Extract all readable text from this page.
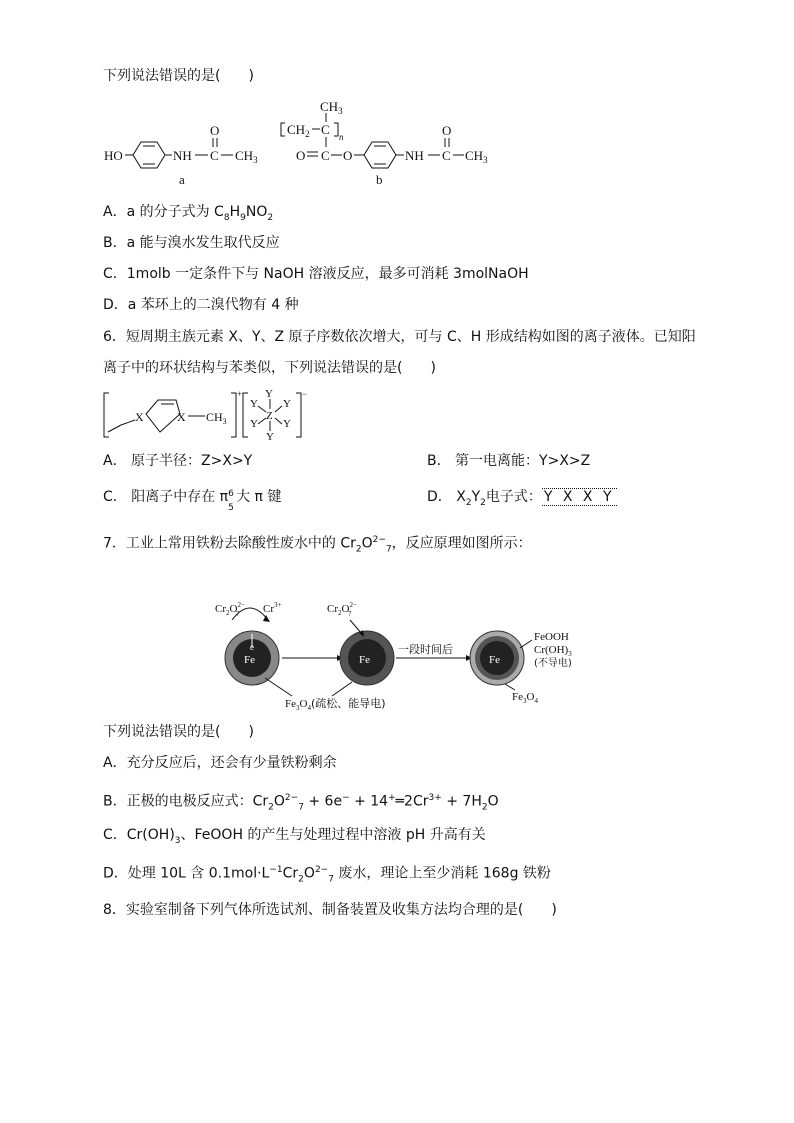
下列说法错误的是(　　)
HO	NH C
O
$CH_3$
a
$CH_2$ C
$CH_3$
n
O C O	NH C
O
$CH_3$
b
A．a 的分子式为 $C_8H_9NO_2$
B．a 能与溴水发生取代反应
C．1molb 一定条件下与 NaOH 溶液反应，最多可消耗 3molNaOH
D．a 苯环上的二溴代物有 4 种
6．短周期主族元素 X、Y、Z 原子序数依次增大，可与 C、H 形成结构如图的离子液体。已知阳
离子中的环状结构与苯类似，下列说法错误的是(　　)
X	X $CH_3$
+ Y
Y Y
Z
Y Y
Y
−
A． 原子半径：Z>X>Y	B． 第一电离能：Y>X>Z
C． 阳离子中存在 π 6
5
大 π 键	D． $X_2Y_2$电子式： Y X X Y
7．工业上常用铁粉去除酸性废水中的 $Cr_2O^{2-}_7$，反应原理如图所示：
Fe
$Cr_2O^{2-}$ 7	$Cr^{3+}$
e
Fe
$Cr_2O^{2-}$ 7
一段时间后
$Fe_3O_4$(疏松、能导电)
Fe
FeOOH
$Cr(OH)_3$
(不导电)
$Fe_3O_4$
下列说法错误的是(　　)
A．充分反应后，还会有少量铁粉剩余
B．正极的电极反应式：$Cr_2O^{2-}_7 + 6e^-$ + $14^+═2Cr^{3+} + 7H_2O$
C．$Cr(OH)_3$、FeOOH 的产生与处理过程中溶液 pH 升高有关
D．处理 10L 含 $0.1mol\cdot L^{-1}Cr_2O^{2-}_7$ 废水，理论上至少消耗 168g 铁粉
8．实验室制备下列气体所选试剂、制备装置及收集方法均合理的是(　　)
